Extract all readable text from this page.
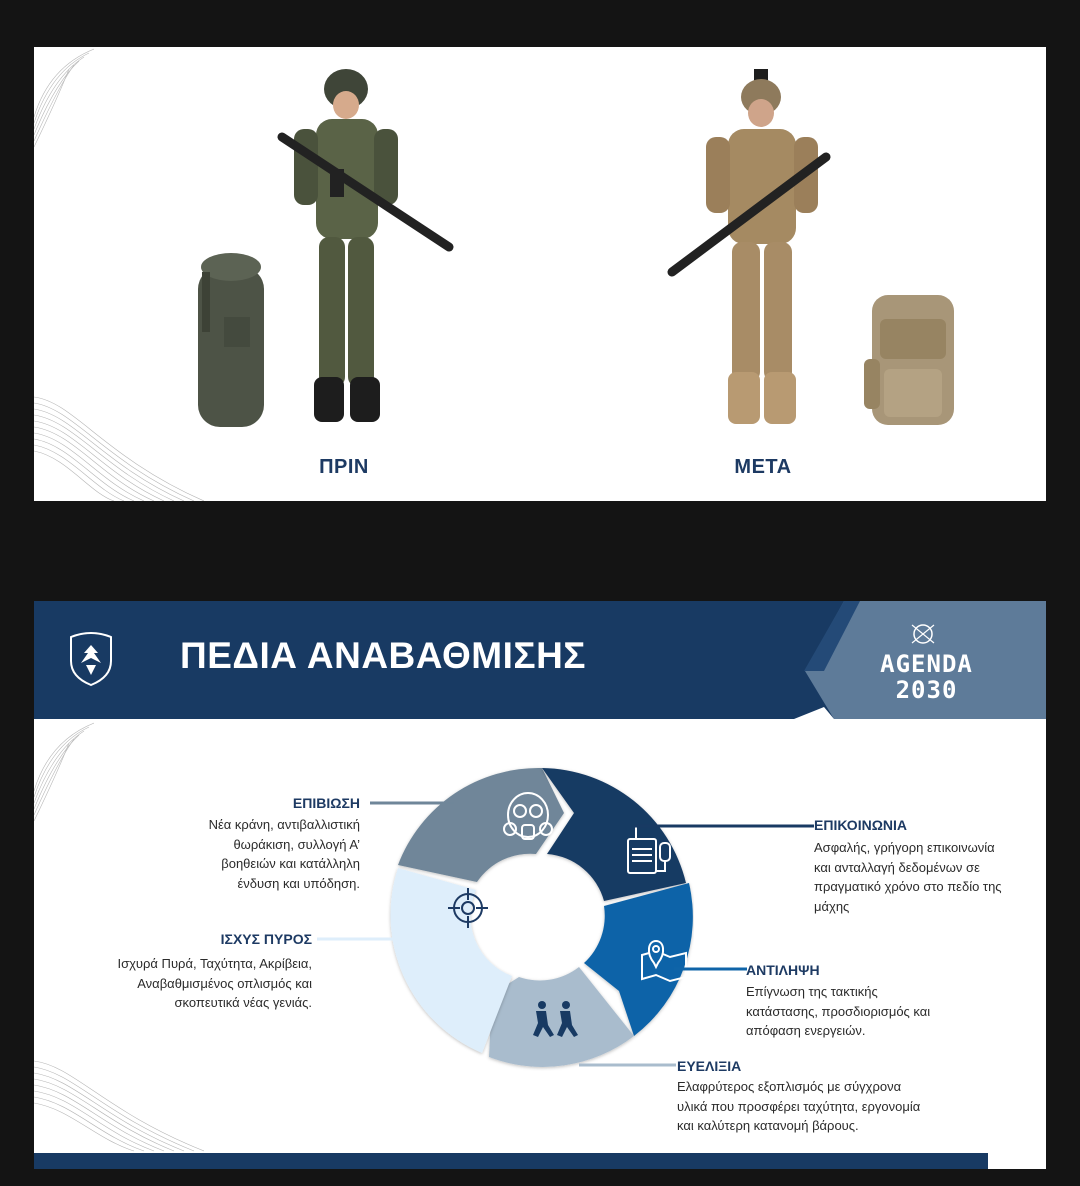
ΠΡΙΝ	ΜΕΤΑ
ΠΕΔΙΑ ΑΝΑΒΑΘΜΙΣΗΣ	AGENDA 2030
ΕΠΙΒΙΩΣΗ
Νέα κράνη, αντιβαλλιστική
θωράκιση, συλλογή Α’
βοηθειών και κατάλληλη
ένδυση και υπόδηση.
ΕΠΙΚΟΙΝΩΝΙΑ
Ασφαλής, γρήγορη επικοινωνία
και ανταλλαγή δεδομένων σε
πραγματικό χρόνο στο πεδίο της
μάχης
ΙΣΧΥΣ ΠΥΡΟΣ
Ισχυρά Πυρά, Ταχύτητα, Ακρίβεια,
Αναβαθμισμένος οπλισμός και
σκοπευτικά νέας γενιάς.
ΑΝΤΙΛΗΨΗ
Επίγνωση της τακτικής
κατάστασης, προσδιορισμός και
απόφαση ενεργειών.
ΕΥΕΛΙΞΙΑ
Ελαφρύτερος εξοπλισμός με σύγχρονα
υλικά που προσφέρει ταχύτητα, εργονομία
και καλύτερη κατανομή βάρους.
